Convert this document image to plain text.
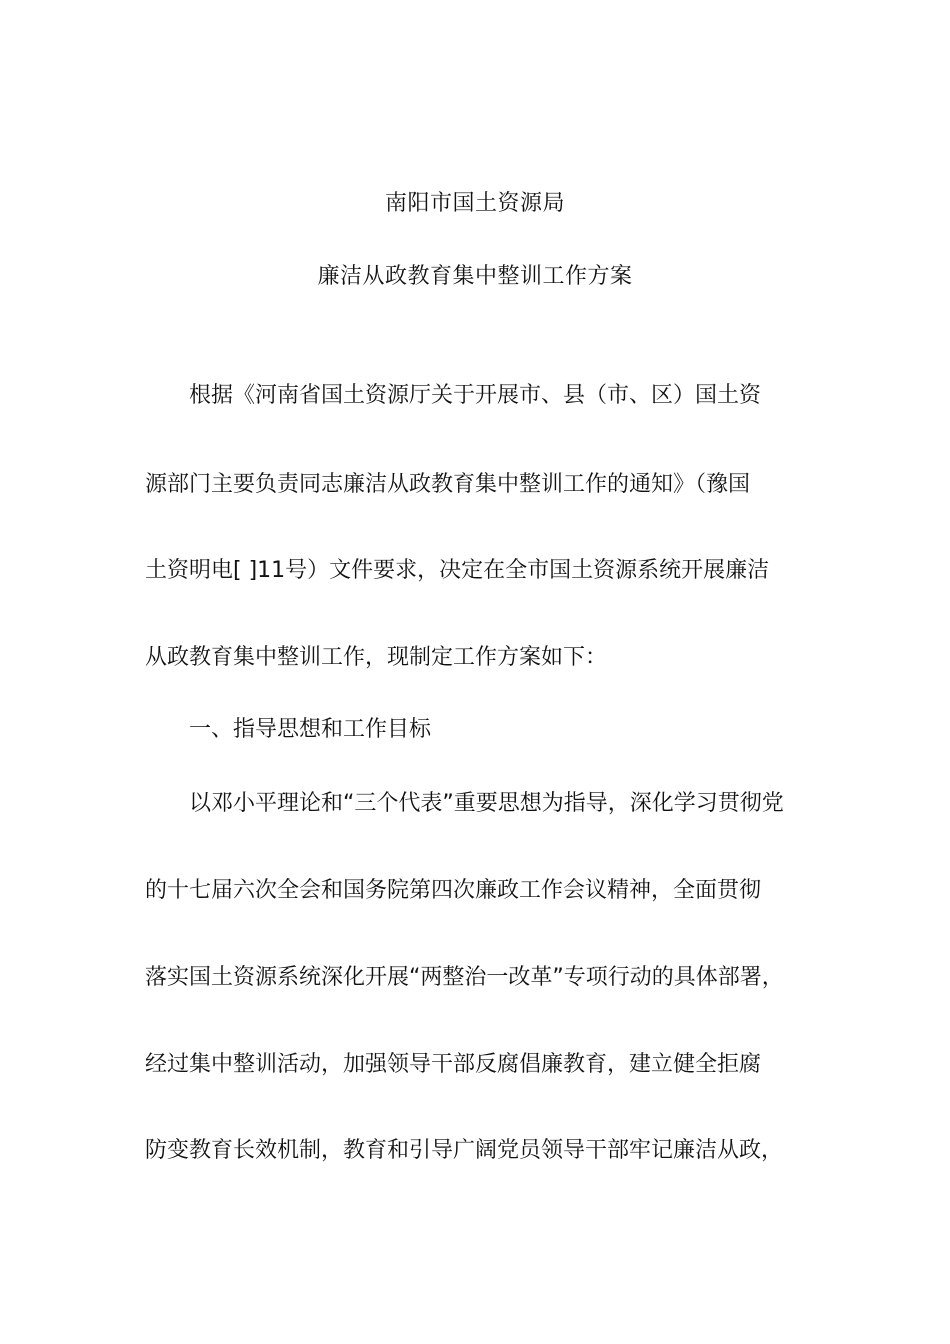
南阳市国土资源局
廉洁从政教育集中整训工作方案
根据《河南省国土资源厅关于开展市、县（市、区）国土资
源部门主要负责同志廉洁从政教育集中整训工作的通知》（豫国
土资明电[ ]11号）文件要求，决定在全市国土资源系统开展廉洁
从政教育集中整训工作，现制定工作方案如下：
一、指导思想和工作目标
以邓小平理论和“三个代表”重要思想为指导，深化学习贯彻党
的十七届六次全会和国务院第四次廉政工作会议精神，全面贯彻
落实国土资源系统深化开展“两整治一改革”专项行动的具体部署，
经过集中整训活动，加强领导干部反腐倡廉教育，建立健全拒腐
防变教育长效机制，教育和引导广阔党员领导干部牢记廉洁从政，
